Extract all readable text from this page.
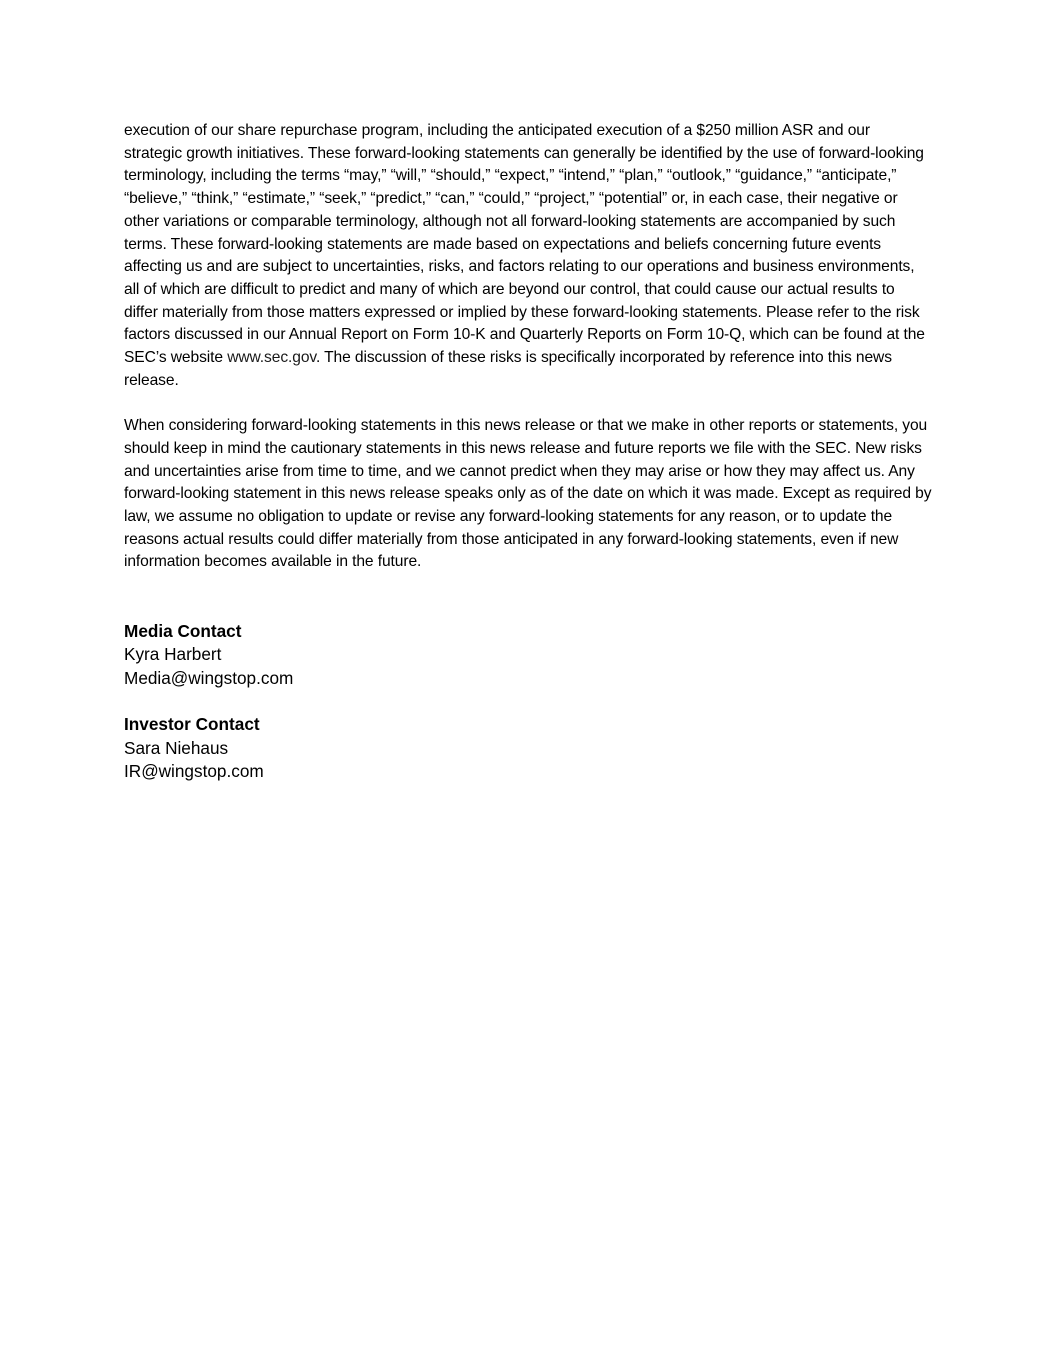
execution of our share repurchase program, including the anticipated execution of a $250 million ASR and our strategic growth initiatives. These forward-looking statements can generally be identified by the use of forward-looking terminology, including the terms “may,” “will,” “should,” “expect,” “intend,” “plan,” “outlook,” “guidance,” “anticipate,” “believe,” “think,” “estimate,” “seek,” “predict,” “can,” “could,” “project,” “potential” or, in each case, their negative or other variations or comparable terminology, although not all forward-looking statements are accompanied by such terms. These forward-looking statements are made based on expectations and beliefs concerning future events affecting us and are subject to uncertainties, risks, and factors relating to our operations and business environments, all of which are difficult to predict and many of which are beyond our control, that could cause our actual results to differ materially from those matters expressed or implied by these forward-looking statements. Please refer to the risk factors discussed in our Annual Report on Form 10-K and Quarterly Reports on Form 10-Q, which can be found at the SEC’s website www.sec.gov. The discussion of these risks is specifically incorporated by reference into this news release.

When considering forward-looking statements in this news release or that we make in other reports or statements, you should keep in mind the cautionary statements in this news release and future reports we file with the SEC. New risks and uncertainties arise from time to time, and we cannot predict when they may arise or how they may affect us. Any forward-looking statement in this news release speaks only as of the date on which it was made. Except as required by law, we assume no obligation to update or revise any forward-looking statements for any reason, or to update the reasons actual results could differ materially from those anticipated in any forward-looking statements, even if new information becomes available in the future.

Media Contact
Kyra Harbert
Media@wingstop.com
Investor Contact
Sara Niehaus
IR@wingstop.com
